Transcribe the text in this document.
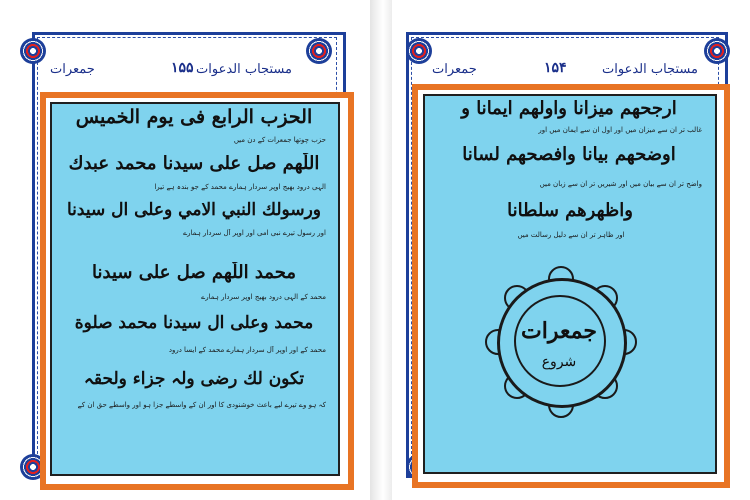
مستجاب الدعوات
۱۵۵
جمعرات
الحزب الرابع فی یوم الخمیس
حزب چوتھا جمعرات کے دن میں
اللّٰھم صل علی سیدنا محمد عبدك
الہی درود بھیج اوپر سردار ہمارے محمد کے جو بندہ ہے تیرا
ورسولك النبي الامي وعلى ال سيدنا
اور رسول تیرے نبی امی اور اوپر آل سردار ہمارے
محمد اللّٰھم صل علی سیدنا
محمد کے الہی درود بھیج اوپر سردار ہمارے
محمد وعلی ال سیدنا محمد صلوة
محمد کے اور اوپر آل سردار ہمارے محمد کے ایسا درود
تكون لك رضى ولہ جزاء ولحقہ
کہ ہو وے تیرے لیے باعث خوشنودی کا اور ان کے واسطے جزا ہو اور واسطے حق ان کے
مستجاب الدعوات
۱۵۴
جمعرات
ارجحھم میزانا واولھم ایمانا و
غالب تر ان سے میزان میں اور اول ان سے ایمان میں اور
اوضحھم بیانا وافصحھم لسانا
واضح تر ان سے بیان میں اور شیریں تر ان سے زبان میں
واظھرھم سلطانا
اور ظاہر تر ان سے دلیل رسالت میں
جمعرات
شروع
